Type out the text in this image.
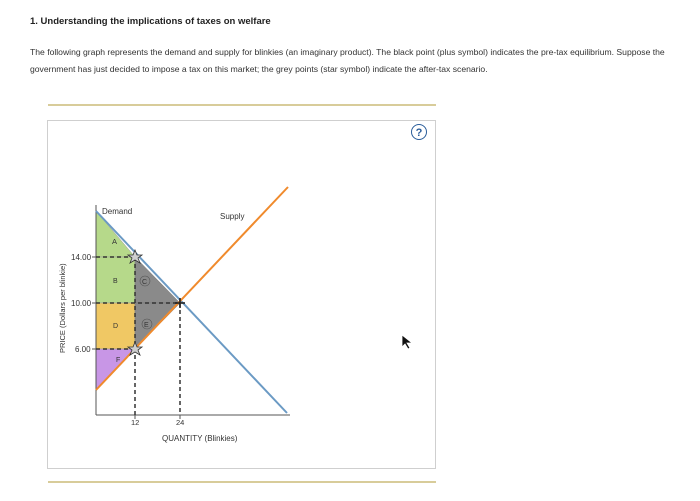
1. Understanding the implications of taxes on welfare
The following graph represents the demand and supply for blinkies (an imaginary product). The black point (plus symbol) indicates the pre-tax equilibrium. Suppose the government has just decided to impose a tax on this market; the grey points (star symbol) indicate the after-tax scenario.
14.00
10.00
6.00
12	24
PRICE (Dollars per blinkie)
QUANTITY (Blinkies)
Demand
Supply
A
B	C
D	E
F
?
